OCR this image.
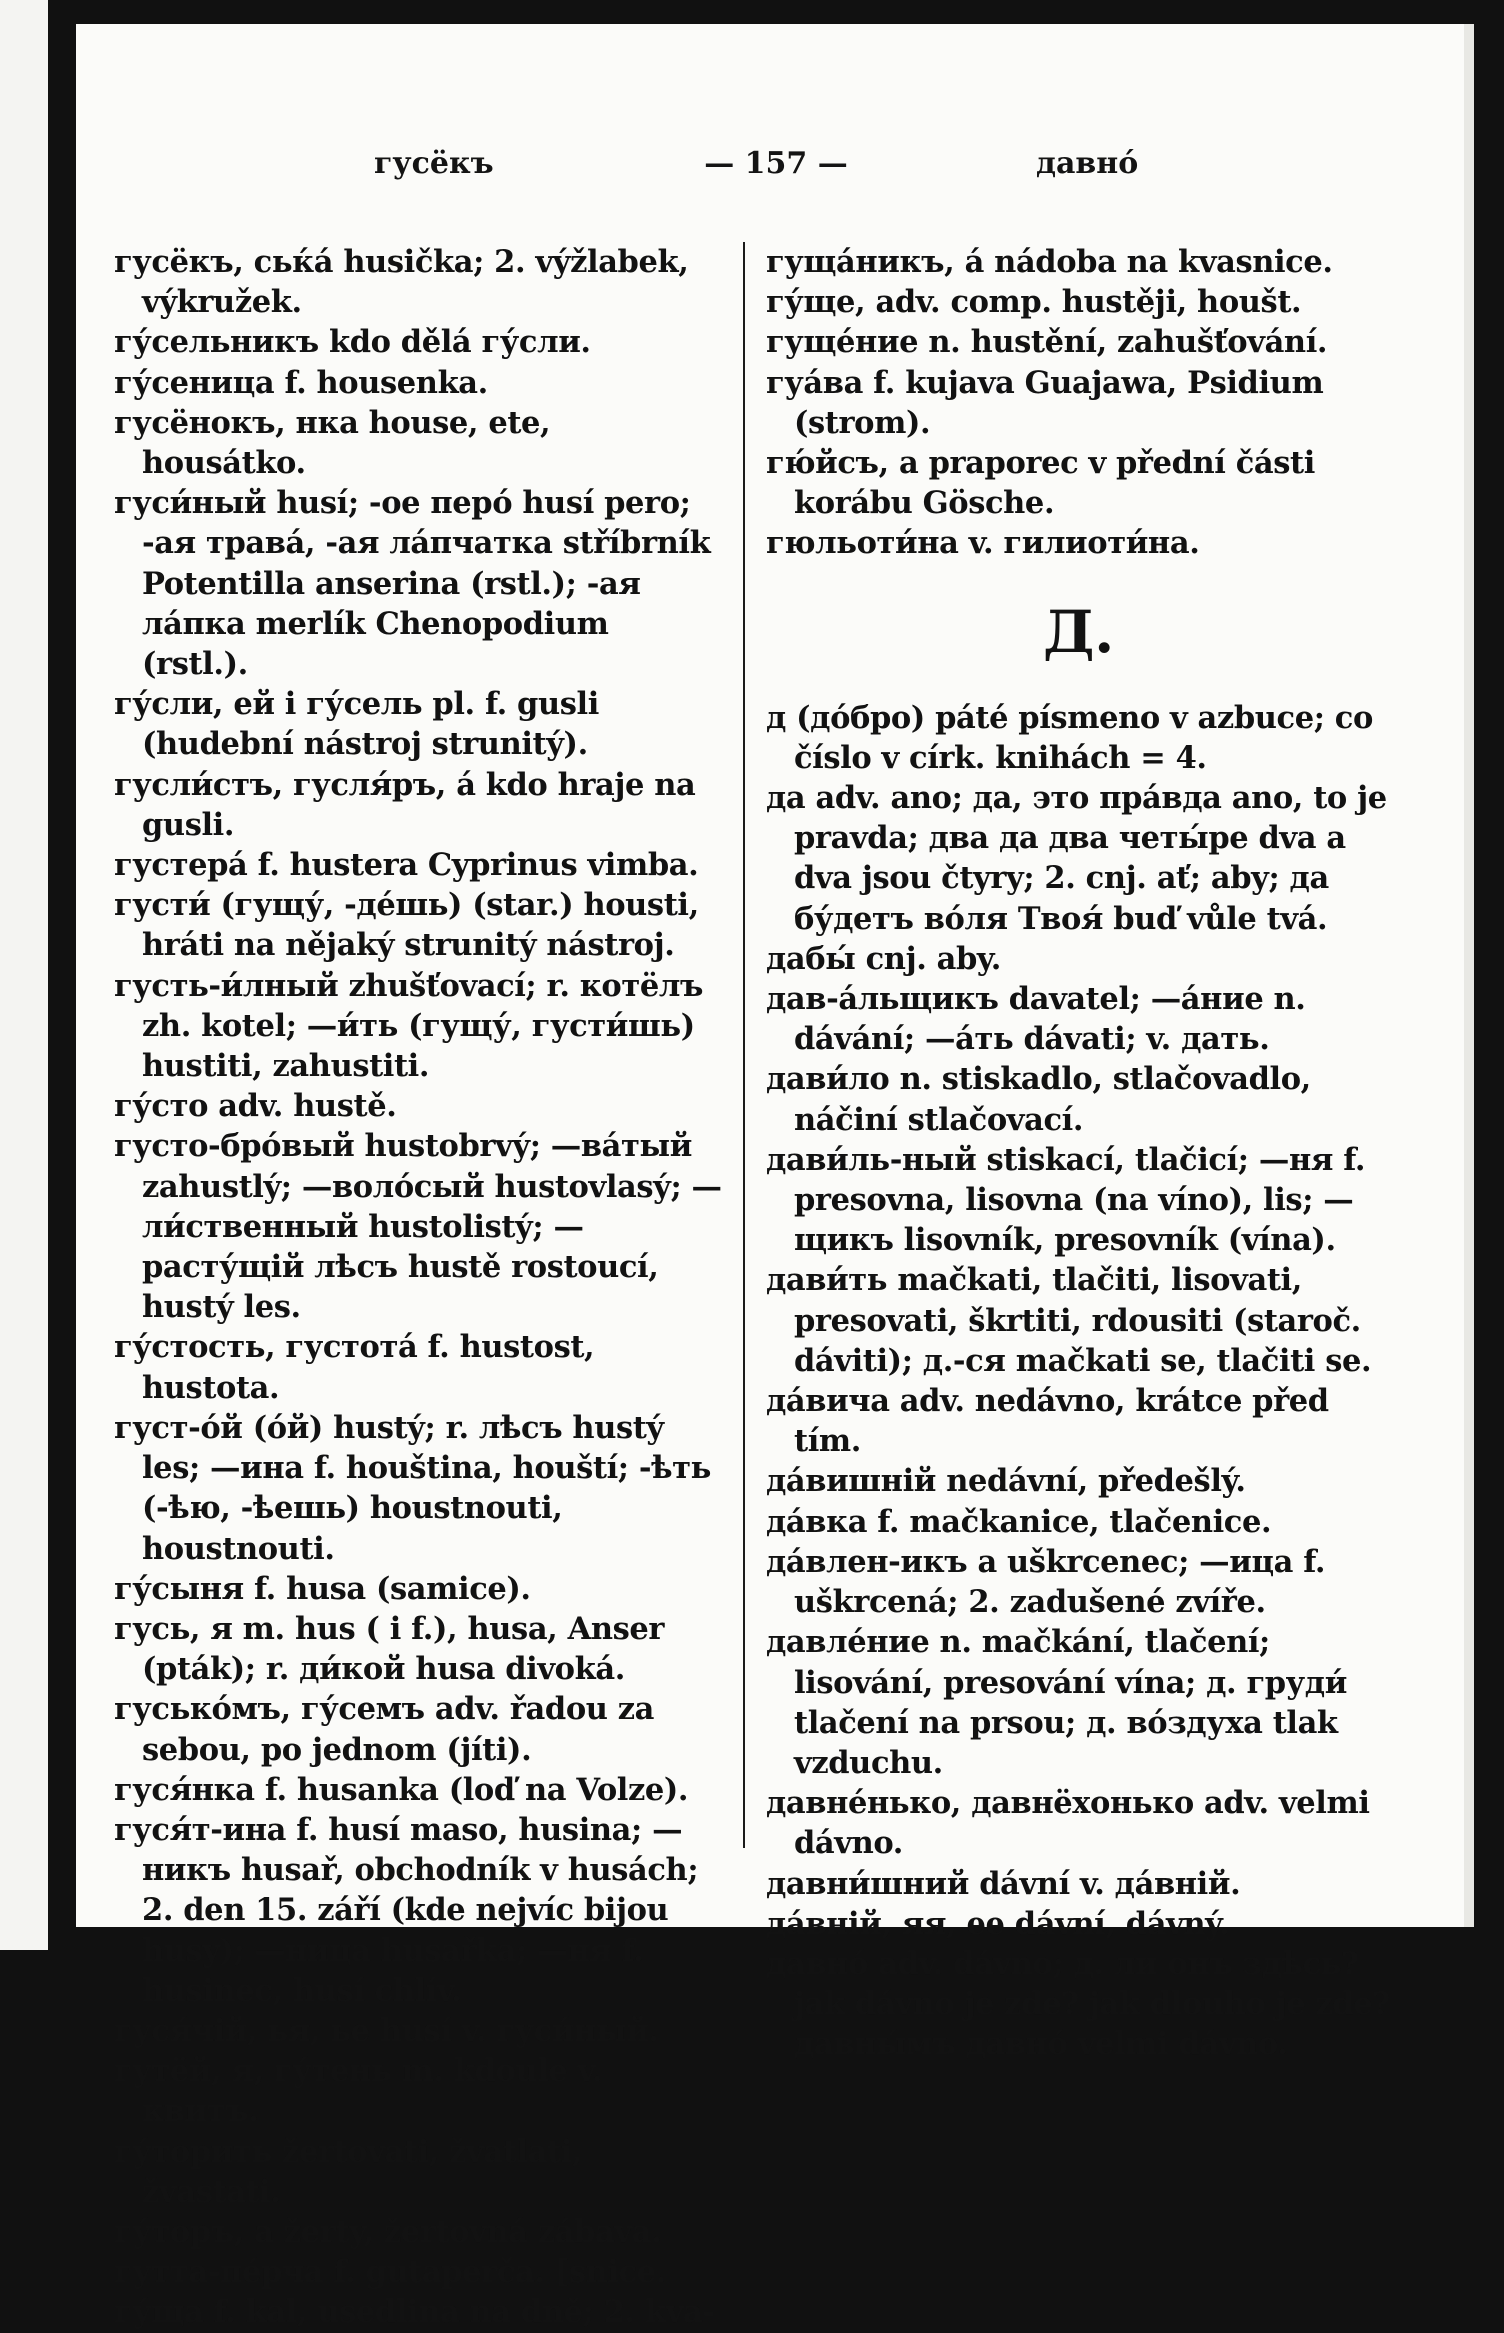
гусёкъ	— 157 —	давно́

гусёкъ, сьќа́ husička; 2. výžlabek, výkružek.

гу́сельникъ kdo dělá гу́сли.

гу́сеница f. housenka.

гусёнокъ, нка house, ete, housátko.

гуси́ный husí; -ое перо́ husí pero; -ая трава́, -ая ла́пчатка stříbrník Potentilla anserina (rstl.); -ая ла́пка merlík Chenopodium (rstl.).

гу́сли, ей i гу́сель pl. f. gusli (hudební nástroj strunitý).

гусли́стъ, гусля́ръ, á kdo hraje na gusli.

густера́ f. hustera Cyprinus vimba.

густи́ (гущу́, -де́шь) (star.) housti, hráti na nějaký strunitý nástroj.

густь-и́лный zhušťovací; r. котёлъ zh. kotel; —и́ть (гущу́, густи́шь) hustiti, zahustiti.

гу́сто adv. hustě.

густо-бро́вый hustobrvý; —ва́тый zahustlý; —воло́сый hustovlasý; —ли́ственный hustolistý; —расту́щій лѣсъ hustě rostoucí, hustý les.

гу́стость, густота́ f. hustost, hustota.

густ-о́й (óй) hustý; r. лѣсъ hustý les; —ина f. houština, houští; -ѣть (-ѣю, -ѣешь) houstnouti, houstnouti.

гу́сыня f. husa (samice).

гусь, я m. hus ( i f.), husa, Anser (pták); r. ди́кой husa divoká.

гусько́мъ, гу́семъ adv. řadou za sebou, po jednom (jíti).

гуся́нка f. husanka (loď na Volze).

гуся́т-ина f. husí maso, husina; —никъ husař, obchodník v husách; 2. den 15. září (kde nejvíc bijou husy); —ница husařka; —ня f. husinec, husí chlív.

гуся́чій, ья, ье husí v. гуси́ный.

гутёй, я, гу́тень m. kdoule v. квитъ.

гу́торить žertovati, žvatlati, žvastati.

гу́торъ, a žerty, žertovná zábava.

гутта-пе́рча f. gutaperča. [snice.

гу́ща f. kal, usedlina na dně; 2. kva-

гуща́никъ, á nádoba na kvasnice.

гу́ще, adv. comp. hustěji, houšt.

гуще́ние n. hustění, zahušťování.

гуа́ва f. kujava Guajawa, Psidium (strom).

гю́йсъ, a praporec v přední části korábu Gösche.

гюльоти́на v. гилиоти́на.

Д.

д (до́бро) páté písmeno v azbuce; co číslo v círk. knihách = 4.

да adv. ano; да, это пра́вда ano, to je pravda; два да два четы́ре dva a dva jsou čtyry; 2. cnj. ať; aby; да бу́детъ во́ля Твоя́ buď vůle tvá.

дабы́ cnj. aby.

дав-а́льщикъ davatel; —а́ние n. dávání; —а́ть dávati; v. дать.

дави́ло n. stiskadlo, stlačovadlo, náčiní stlačovací.

дави́ль-ный stiskací, tlačicí; —ня f. presovna, lisovna (na víno), lis; —щикъ lisovník, presovník (vína).

дави́ть mačkati, tlačiti, lisovati, presovati, škrtiti, rdousiti (staroč. dáviti); д.-ся mačkati se, tlačiti se.

да́вича adv. nedávno, krátce před tím.

да́вишній nedávní, předešlý.

да́вка f. mačkanice, tlačenice.

да́влен-икъ a uškrcenec; —ица f. uškrcená; 2. zadušené zvíře.

давле́ние n. mačkání, tlačení; lisování, presování vína; д. груди́ tlačení na prsou; д. во́здуха tlak vzduchu.

давне́нько, давнёхонько adv. velmi dávno.

давни́шний dávní v. да́вній.

да́вній, яя, ее dávní, dávný.

давно́ adv. dávno; д. ли онъ здѣсь? jak dávno je zde? jak dlouho je zde? давны́мъ давно́ velmi dávno.
